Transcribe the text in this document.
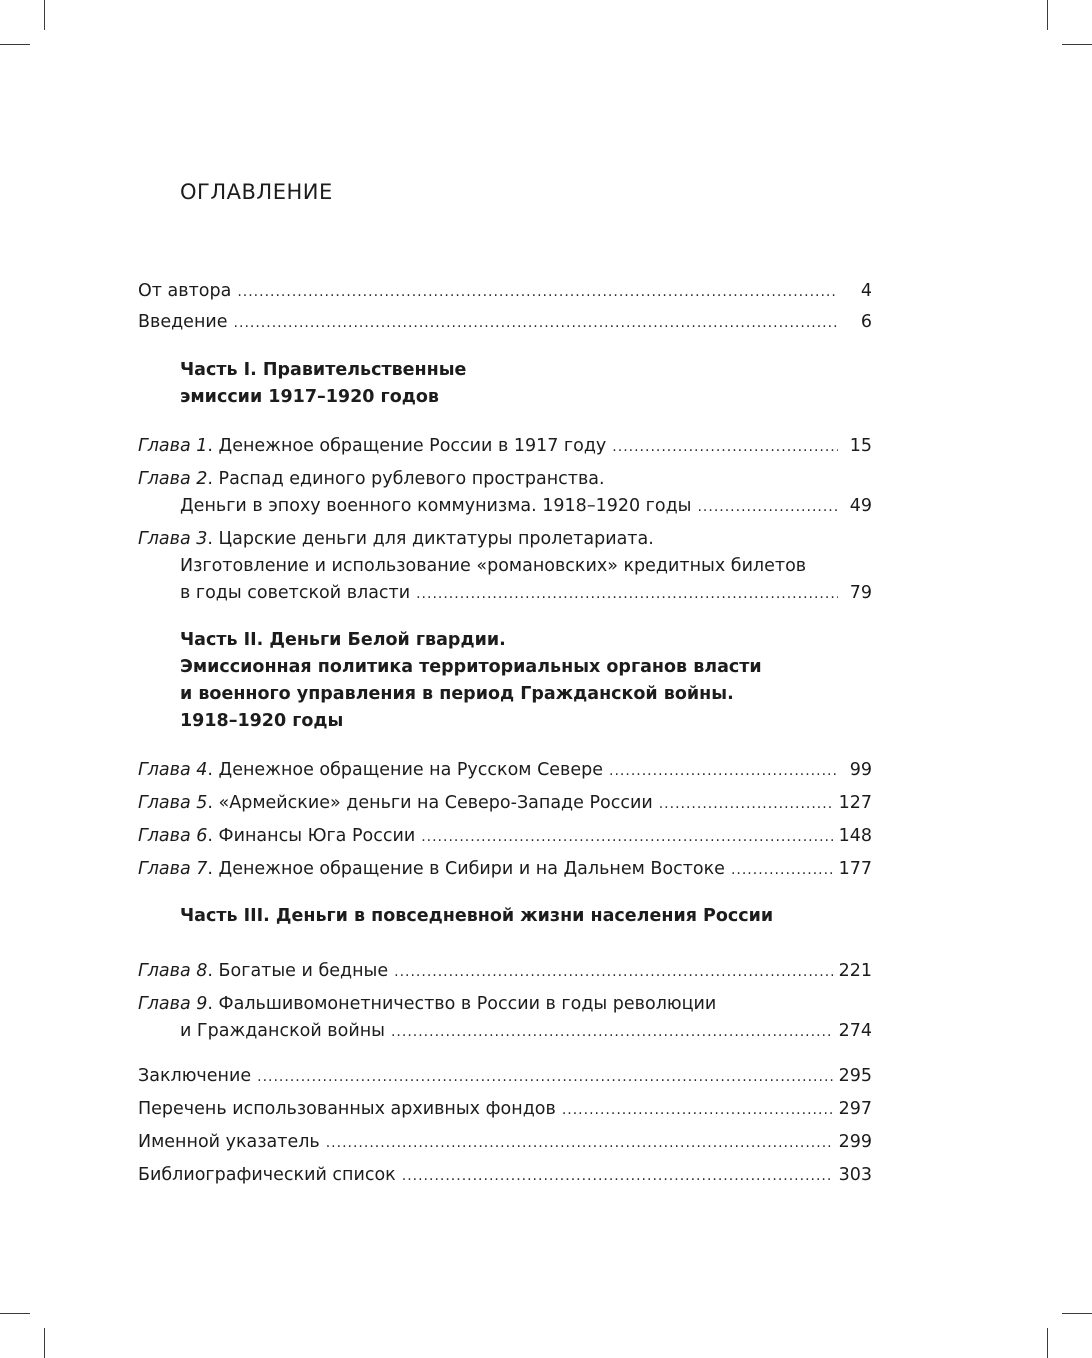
ОГЛАВЛЕНИЕ
От автора .....	4
Введение .....	6
Часть I. Правительственные
эмиссии 1917–1920 годов
Глава 1. Денежное обращение России в 1917 году .....	15
Глава 2. Распад единого рублевого пространства.
Деньги в эпоху военного коммунизма. 1918–1920 годы .....	49
Глава 3. Царские деньги для диктатуры пролетариата.
Изготовление и использование «романовских» кредитных билетов
в годы советской власти .....	79
Часть II. Деньги Белой гвардии.
Эмиссионная политика территориальных органов власти
и военного управления в период Гражданской войны.
1918–1920 годы
Глава 4. Денежное обращение на Русском Севере .....	99
Глава 5. «Армейские» деньги на Северо-Западе России .....	127
Глава 6. Финансы Юга России .....	148
Глава 7. Денежное обращение в Сибири и на Дальнем Востоке .....	177
Часть III. Деньги в повседневной жизни населения России
Глава 8. Богатые и бедные .....	221
Глава 9. Фальшивомонетничество в России в годы революции
и Гражданской войны .....	274
Заключение .....	295
Перечень использованных архивных фондов .....	297
Именной указатель .....	299
Библиографический список .....	303
